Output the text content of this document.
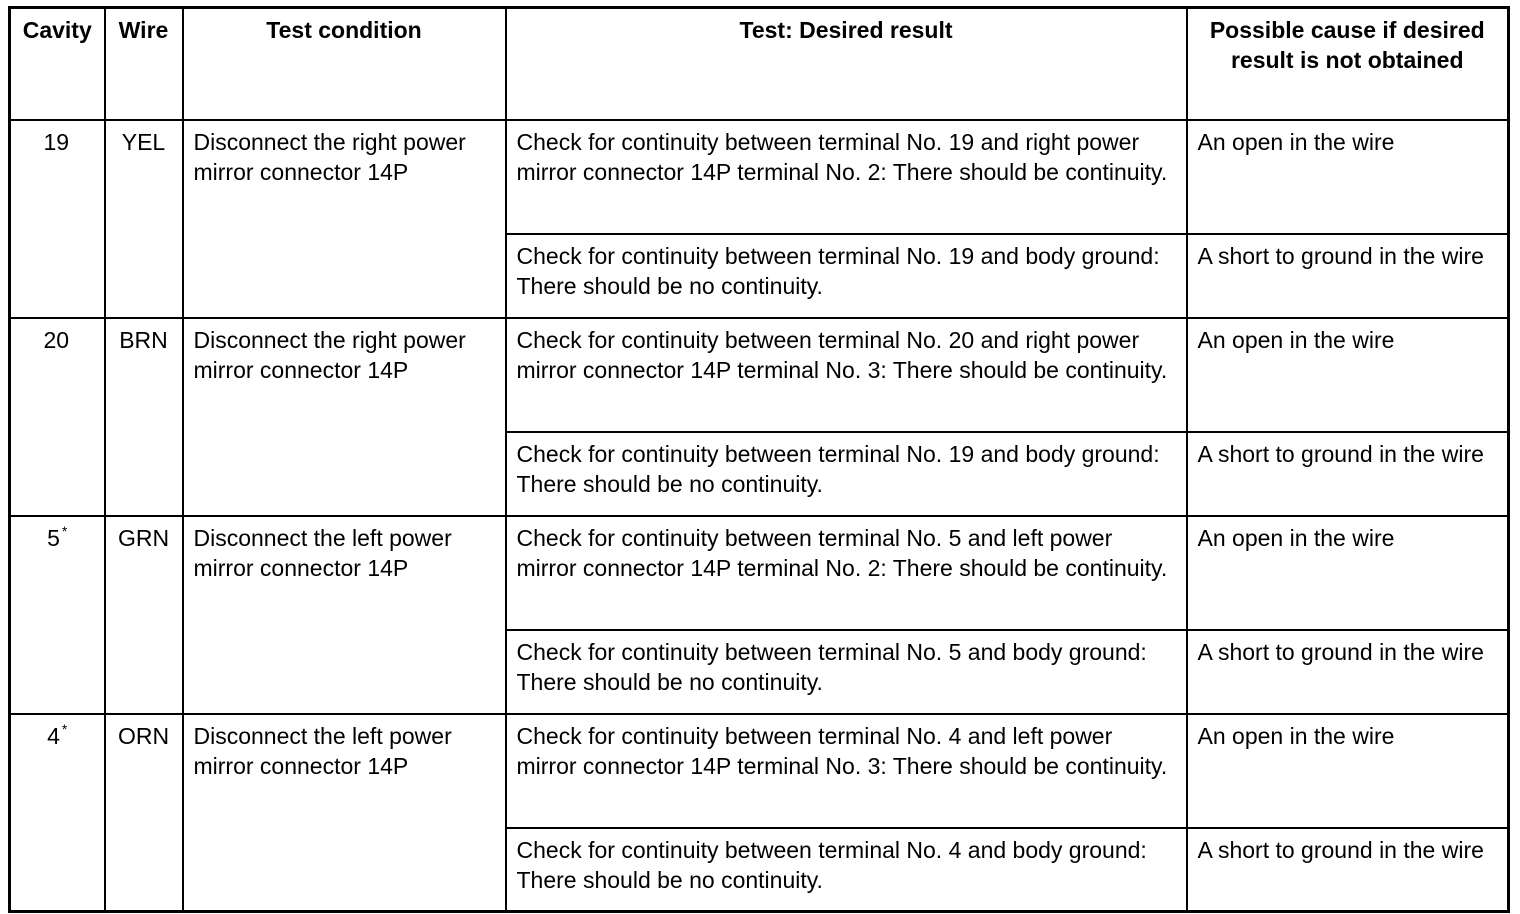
Cavity	Wire	Test condition	Test: Desired result	Possible cause if desired result is not obtained
19	YEL	Disconnect the right power mirror connector 14P	Check for continuity between terminal No. 19 and right power mirror connector 14P terminal No. 2: There should be continuity.	An open in the wire
			Check for continuity between terminal No. 19 and body ground: There should be no continuity.	A short to ground in the wire
20	BRN	Disconnect the right power mirror connector 14P	Check for continuity between terminal No. 20 and right power mirror connector 14P terminal No. 3: There should be continuity.	An open in the wire
			Check for continuity between terminal No. 19 and body ground: There should be no continuity.	A short to ground in the wire
5 *	GRN	Disconnect the left power mirror connector 14P	Check for continuity between terminal No. 5 and left power mirror connector 14P terminal No. 2: There should be continuity.	An open in the wire
			Check for continuity between terminal No. 5 and body ground: There should be no continuity.	A short to ground in the wire
4 *	ORN	Disconnect the left power mirror connector 14P	Check for continuity between terminal No. 4 and left power mirror connector 14P terminal No. 3: There should be continuity.	An open in the wire
			Check for continuity between terminal No. 4 and body ground: There should be no continuity.	A short to ground in the wire
